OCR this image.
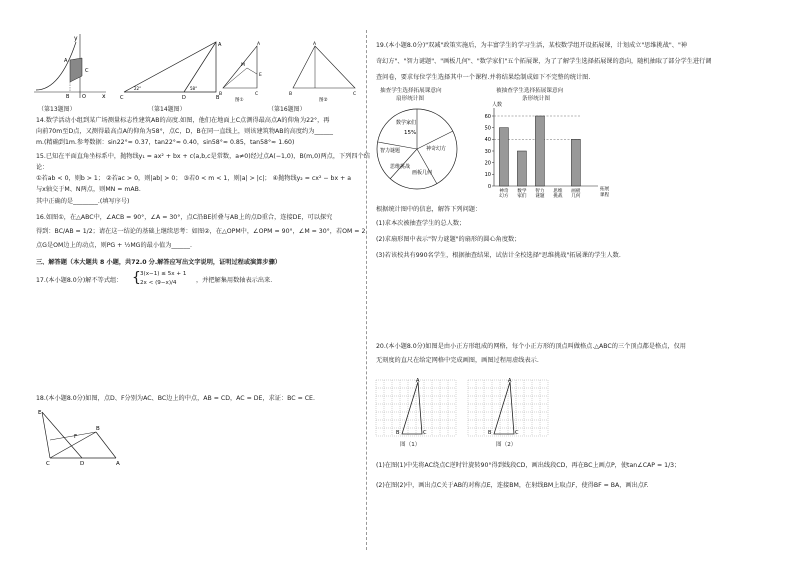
y
x
A
C
B	O
（第13题图）
A
C	D	B
22°	58°
（第14题图）
A
B	C
E
M
图①
A
B	C
图②
（第16题图）
14.数学活动小组到某广场测量标志性建筑AB的高度.如图，他们在地面上C点测得最高点A的仰角为22°，再
向前70m至D点，又测得最高点A的仰角为58°，点C，D，B在同一直线上，则该建筑物AB的高度约为______
m.(精确到1m.参考数据：sin22°≈ 0.37，tan22°≈ 0.40，sin58°≈ 0.85，tan58°≈ 1.60)
15.已知在平面直角坐标系中，抛物线y₁ = ax² + bx + c(a,b,c是常数，a≠0)经过点A(−1,0)，B(m,0)两点，下列四个结
论：
①若ab < 0，则b > 1； ②若ac > 0，则|ab| > 0； ③若0 < m < 1，则|a| > |c|； ④抛物线y₂ = cx² − bx + a
与x轴交于M、N两点，则MN = mAB.
其中正确的是________.(填写序号)
16.如图①，在△ABC中，∠ACB = 90°，∠A = 30°，点C沿BE折叠与AB上的点D重合，连接DE，可以探究
得到：BC/AB = 1/2；请在这一结论的基础上继续思考：如图②，在△OPM中，∠OPM = 90°，∠M = 30°，若OM = 2，
点G是OM边上的动点，则PG + ½MG的最小值为______.
三、解答题（本大题共 8 小题，共72.0 分.解答应写出文字说明，证明过程或演算步骤）
17.(本小题8.0分)解不等式组： { 3(x−1) ≤ 5x + 1
2x < (9−x)/4	，并把解集用数轴表示出来.
18.(本小题8.0分)如图，点D、F分别为AC、BC边上的中点，AB = CD，AC = DE，求证：BC = CE.
E
B
F
C	D	A
19.(本小题8.0分)"双减"政策实施后，为丰富学生的学习生活，某校数学组开设拓展课，计划成立"思维挑战"、"神
奇幻方"、"智力谜题"、"画板几何"、"数学家们"五个拓展课，为了了解学生选择拓展课的意向，随机抽取了部分学生进行调
查问卷，要求每位学生选择其中一个课程.并将结果绘制成如下不完整的统计图.
抽查学生选择拓展课意向
扇形统计图
数学家们
15%
神奇幻方
画板几何
思维挑战
智力谜题
被抽查学生选择拓展课意向
条形统计图
人数
0
10
20
30
40
50
60
神奇
幻方
数学
家们
智力
谜题
思维
挑战
画板
几何
拓展
课程
根据统计图中的信息，解答下列问题：
(1)求本次被抽查学生的总人数；
(2)求扇形图中表示"智力谜题"的扇形的圆心角度数；
(3)若该校共有990名学生，根据抽查结果，试估计全校选择"思维挑战"拓展课的学生人数.
20.(本小题8.0分)如图是由小正方形组成的网格，每个小正方形的顶点叫做格点.△ABC的三个顶点都是格点，仅用
无刻度的直尺在给定网格中完成画图，画图过程用虚线表示.
A
B	C
图（1）
A
B	C
图（2）
(1)在图(1)中先将AC绕点C逆时针旋转90°得到线段CD，画出线段CD，再在BC上画点P，使tan∠CAP = 1/3；
(2)在图(2)中，画出点C关于AB的对称点E，连接BM，在射线BM上取点F，使得BF = BA，画出点F.
